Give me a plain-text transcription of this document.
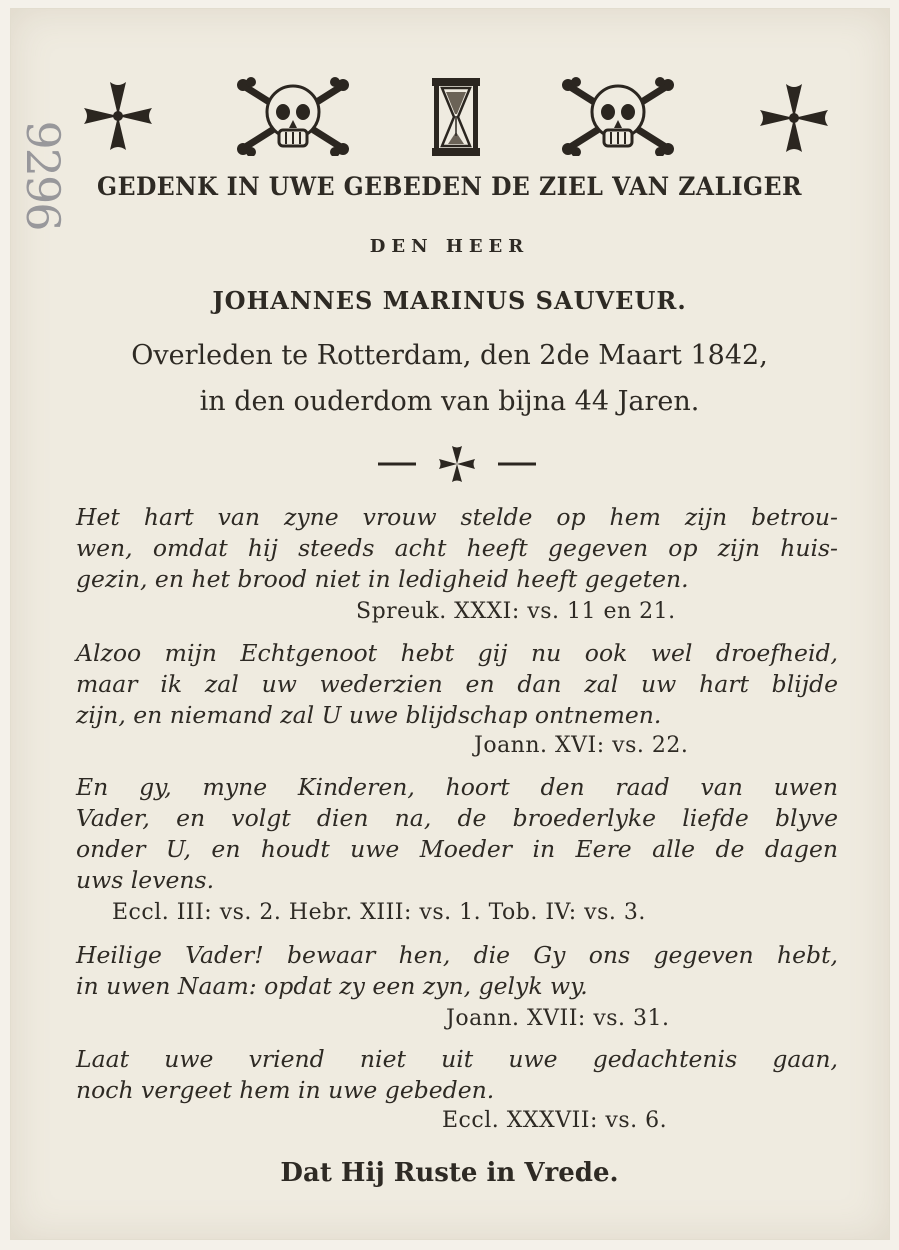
9296	GEDENK IN UWE GEBEDEN DE ZIEL VAN ZALIGER
DEN HEER
JOHANNES MARINUS SAUVEUR.
Overleden te Rotterdam, den 2de Maart 1842,
in den ouderdom van bijna 44 Jaren.
Het hart van zyne vrouw stelde op hem zijn betrou-
wen, omdat hij steeds acht heeft gegeven op zijn huis-
gezin, en het brood niet in ledigheid heeft gegeten.
Spreuk. XXXI: vs. 11 en 21.
Alzoo mijn Echtgenoot hebt gij nu ook wel droefheid,
maar ik zal uw wederzien en dan zal uw hart blijde
zijn, en niemand zal U uwe blijdschap ontnemen.
Joann. XVI: vs. 22.
En gy, myne Kinderen, hoort den raad van uwen
Vader, en volgt dien na, de broederlyke liefde blyve
onder U, en houdt uwe Moeder in Eere alle de dagen
uws levens.
Eccl. III: vs. 2. Hebr. XIII: vs. 1. Tob. IV: vs. 3.
Heilige Vader! bewaar hen, die Gy ons gegeven hebt,
in uwen Naam: opdat zy een zyn, gelyk wy.
Joann. XVII: vs. 31.
Laat uwe vriend niet uit uwe gedachtenis gaan,
noch vergeet hem in uwe gebeden.
Eccl. XXXVII: vs. 6.
Dat Hij Ruste in Vrede.
